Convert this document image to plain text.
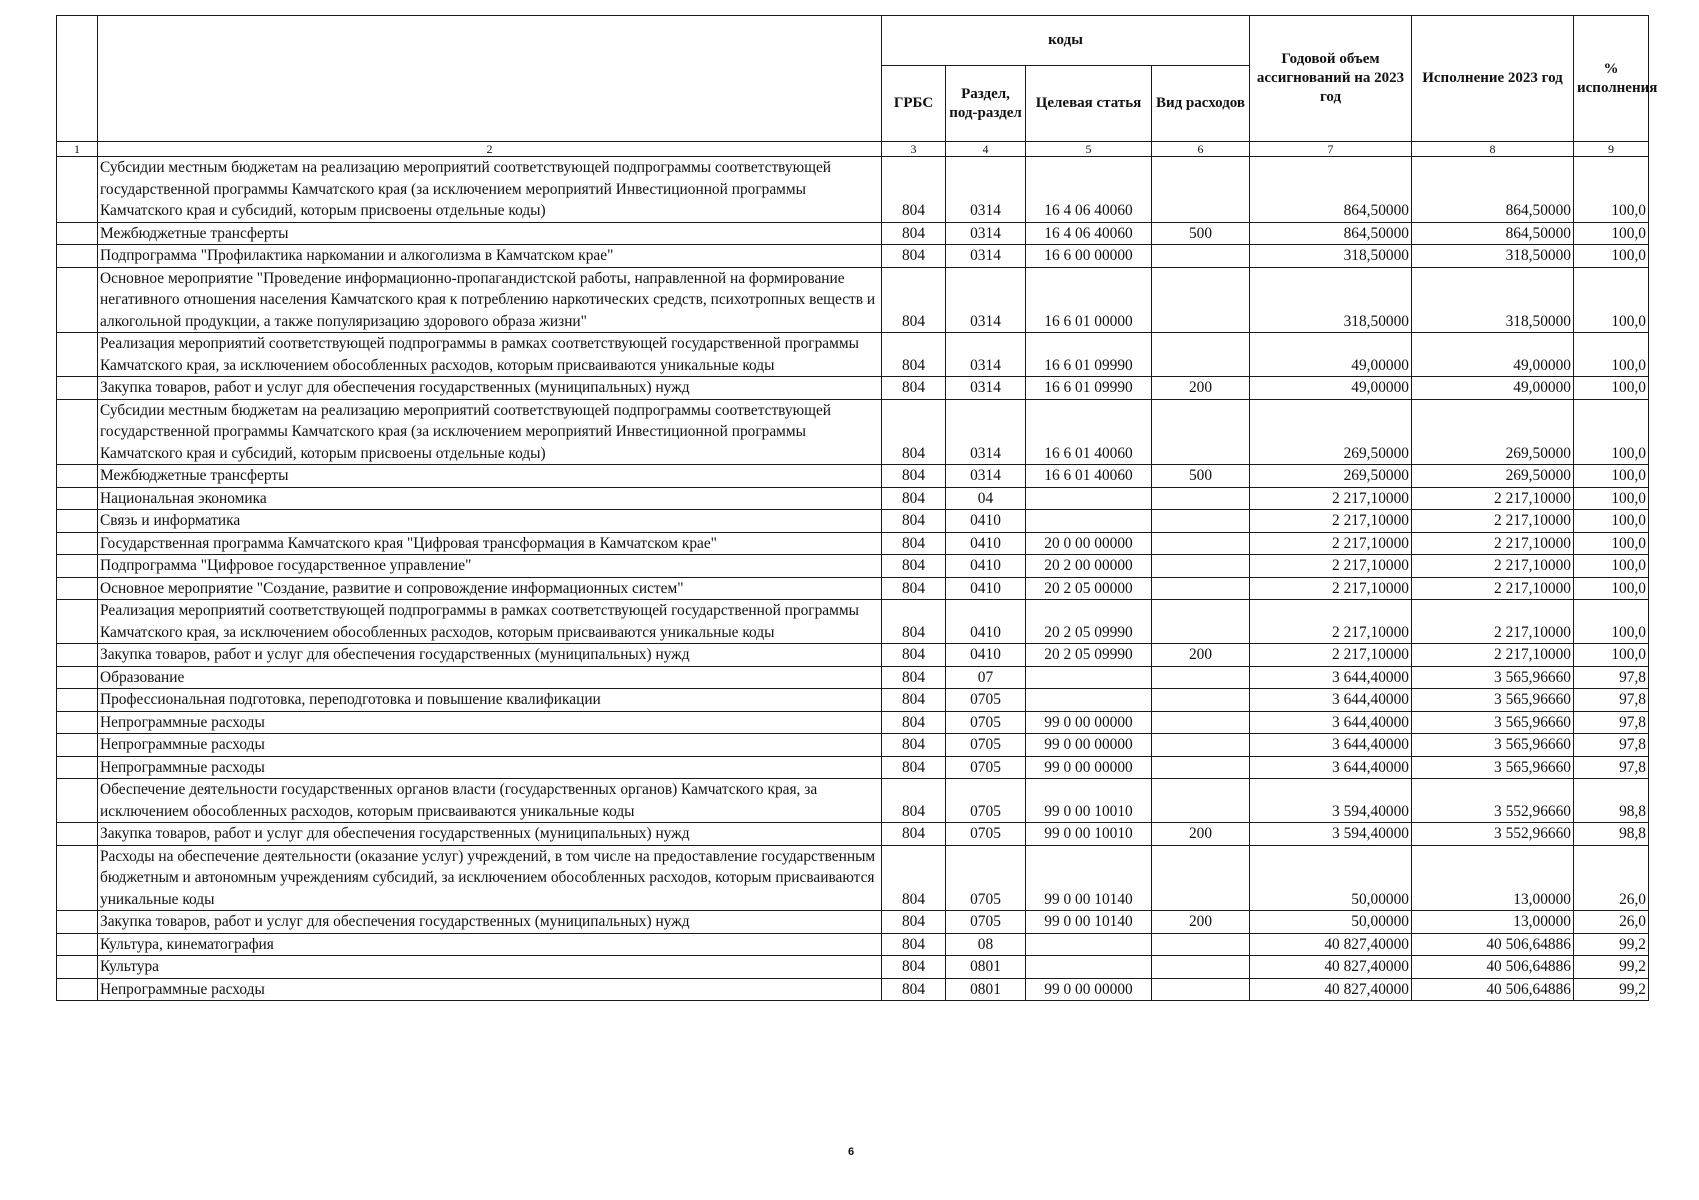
		коды				Годовой объем ассигнований на 2023 год	Исполнение 2023 год	% исполнения
		ГРБС	Раздел, под-раздел	Целевая статья	Вид расходов			
1	2	3	4	5	6	7	8	9
	Субсидии местным бюджетам на реализацию мероприятий соответствующей подпрограммы соответствующей государственной программы Камчатского края (за исключением мероприятий Инвестиционной программы Камчатского края и субсидий, которым присвоены отдельные коды)	804	0314	16 4 06 40060		864,50000	864,50000	100,0
	Межбюджетные трансферты	804	0314	16 4 06 40060	500	864,50000	864,50000	100,0
	Подпрограмма "Профилактика наркомании и алкоголизма в Камчатском крае"	804	0314	16 6 00 00000		318,50000	318,50000	100,0
	Основное мероприятие "Проведение информационно-пропагандистской работы, направленной на формирование негативного отношения населения Камчатского края к потреблению наркотических средств, психотропных веществ и алкогольной продукции, а также популяризацию здорового образа жизни"	804	0314	16 6 01 00000		318,50000	318,50000	100,0
	Реализация мероприятий соответствующей подпрограммы в рамках соответствующей государственной программы Камчатского края, за исключением обособленных расходов, которым присваиваются уникальные коды	804	0314	16 6 01 09990		49,00000	49,00000	100,0
	Закупка товаров, работ и услуг для обеспечения государственных (муниципальных) нужд	804	0314	16 6 01 09990	200	49,00000	49,00000	100,0
	Субсидии местным бюджетам на реализацию мероприятий соответствующей подпрограммы соответствующей государственной программы Камчатского края (за исключением мероприятий Инвестиционной программы Камчатского края и субсидий, которым присвоены отдельные коды)	804	0314	16 6 01 40060		269,50000	269,50000	100,0
	Межбюджетные трансферты	804	0314	16 6 01 40060	500	269,50000	269,50000	100,0
	Национальная экономика	804	04			2 217,10000	2 217,10000	100,0
	Связь и информатика	804	0410			2 217,10000	2 217,10000	100,0
	Государственная программа Камчатского края "Цифровая трансформация в Камчатском крае"	804	0410	20 0 00 00000		2 217,10000	2 217,10000	100,0
	Подпрограмма "Цифровое государственное управление"	804	0410	20 2 00 00000		2 217,10000	2 217,10000	100,0
	Основное мероприятие "Создание, развитие и сопровождение информационных систем"	804	0410	20 2 05 00000		2 217,10000	2 217,10000	100,0
	Реализация мероприятий соответствующей подпрограммы в рамках соответствующей государственной программы Камчатского края, за исключением обособленных расходов, которым присваиваются уникальные коды	804	0410	20 2 05 09990		2 217,10000	2 217,10000	100,0
	Закупка товаров, работ и услуг для обеспечения государственных (муниципальных) нужд	804	0410	20 2 05 09990	200	2 217,10000	2 217,10000	100,0
	Образование	804	07			3 644,40000	3 565,96660	97,8
	Профессиональная подготовка, переподготовка и повышение квалификации	804	0705			3 644,40000	3 565,96660	97,8
	Непрограммные расходы	804	0705	99 0 00 00000		3 644,40000	3 565,96660	97,8
	Непрограммные расходы	804	0705	99 0 00 00000		3 644,40000	3 565,96660	97,8
	Непрограммные расходы	804	0705	99 0 00 00000		3 644,40000	3 565,96660	97,8
	Обеспечение деятельности государственных органов власти (государственных органов) Камчатского края, за исключением обособленных расходов, которым присваиваются уникальные коды	804	0705	99 0 00 10010		3 594,40000	3 552,96660	98,8
	Закупка товаров, работ и услуг для обеспечения государственных (муниципальных) нужд	804	0705	99 0 00 10010	200	3 594,40000	3 552,96660	98,8
	Расходы на обеспечение деятельности (оказание услуг) учреждений, в том числе на предоставление государственным бюджетным и автономным учреждениям субсидий, за исключением обособленных расходов, которым присваиваются уникальные коды	804	0705	99 0 00 10140		50,00000	13,00000	26,0
	Закупка товаров, работ и услуг для обеспечения государственных (муниципальных) нужд	804	0705	99 0 00 10140	200	50,00000	13,00000	26,0
	Культура, кинематография	804	08			40 827,40000	40 506,64886	99,2
	Культура	804	0801			40 827,40000	40 506,64886	99,2
	Непрограммные расходы	804	0801	99 0 00 00000		40 827,40000	40 506,64886	99,2
6
